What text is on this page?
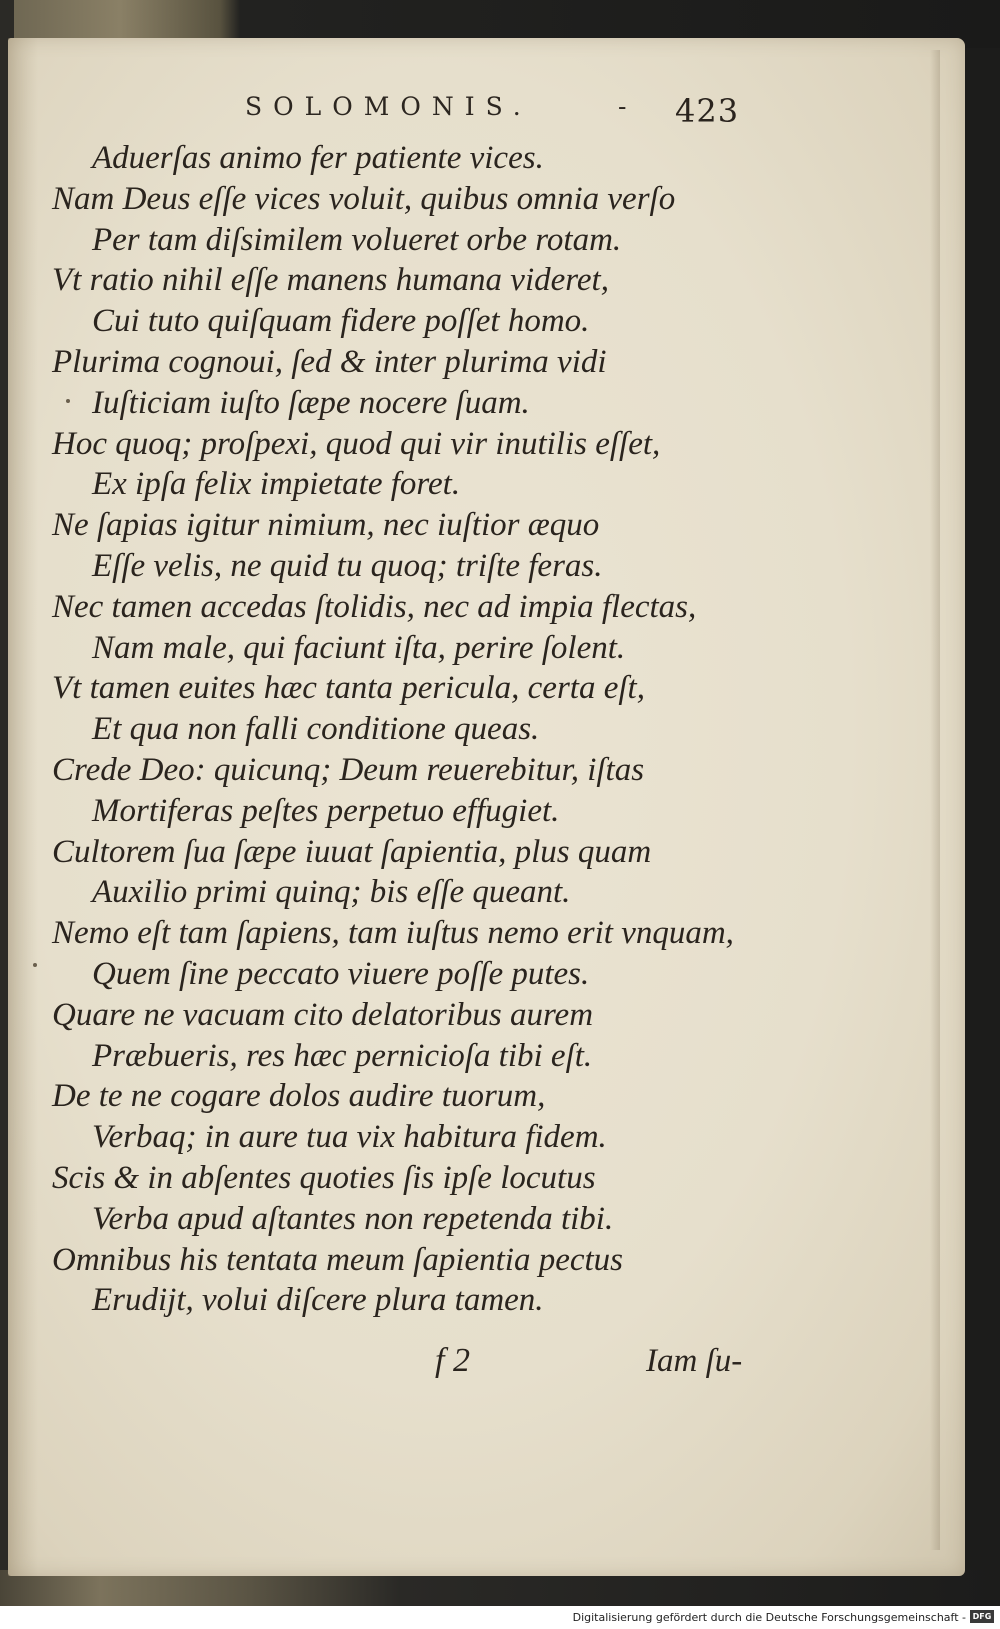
SOLOMONIS.	- 423
Aduerſas animo fer patiente vices.
Nam Deus eſſe vices voluit, quibus omnia verſo
Per tam diſsimilem volueret orbe rotam.
Vt ratio nihil eſſe manens humana videret,
Cui tuto quiſquam fidere poſſet homo.
Plurima cognoui, ſed & inter plurima vidi
Iuſticiam iuſto ſæpe nocere ſuam.
Hoc quoq; proſpexi, quod qui vir inutilis eſſet,
Ex ipſa felix impietate foret.
Ne ſapias igitur nimium, nec iuſtior æquo
Eſſe velis, ne quid tu quoq; triſte feras.
Nec tamen accedas ſtolidis, nec ad impia flectas,
Nam male, qui faciunt iſta, perire ſolent.
Vt tamen euites hæc tanta pericula, certa eſt,
Et qua non falli conditione queas.
Crede Deo: quicunq; Deum reuerebitur, iſtas
Mortiferas peſtes perpetuo effugiet.
Cultorem ſua ſæpe iuuat ſapientia, plus quam
Auxilio primi quinq; bis eſſe queant.
Nemo eſt tam ſapiens, tam iuſtus nemo erit vnquam,
Quem ſine peccato viuere poſſe putes.
Quare ne vacuam cito delatoribus aurem
Præbueris, res hæc pernicioſa tibi eſt.
De te ne cogare dolos audire tuorum,
Verbaq; in aure tua vix habitura fidem.
Scis & in abſentes quoties ſis ipſe locutus
Verba apud aſtantes non repetenda tibi.
Omnibus his tentata meum ſapientia pectus
Erudijt, volui diſcere plura tamen.
f 2	Iam ſu-
Digitalisierung gefördert durch die Deutsche Forschungsgemeinschaft - DFG
